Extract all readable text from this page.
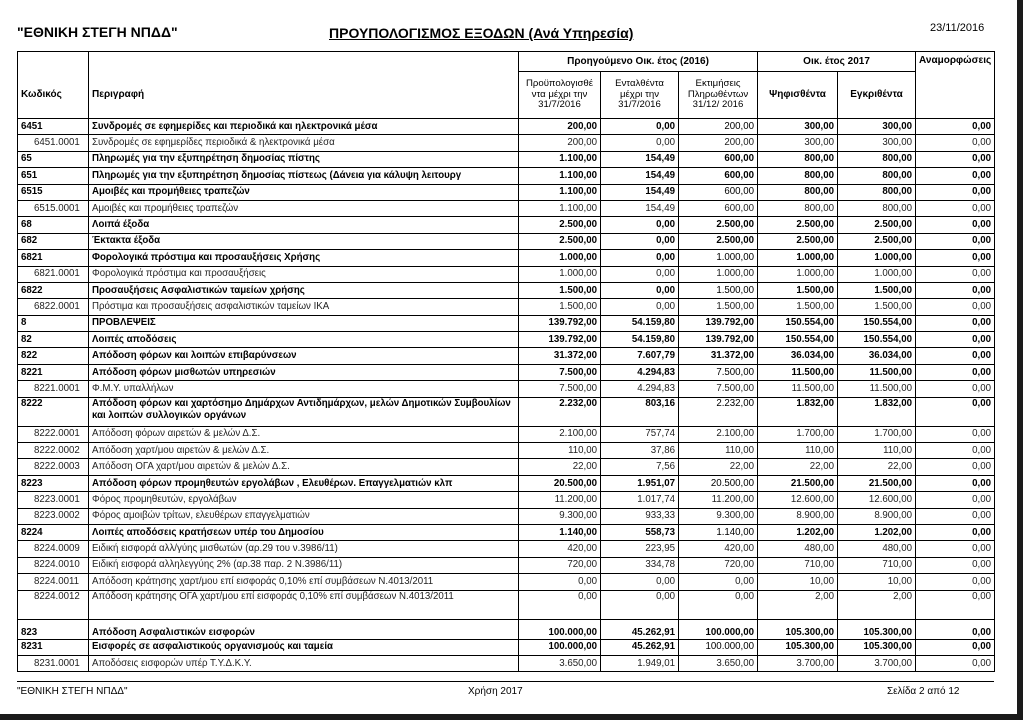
"ΕΘΝΙΚΗ ΣΤΕΓΗ ΝΠΔΔ"	ΠΡΟΥΠΟΛΟΓΙΣΜΟΣ ΕΞΟΔΩΝ (Ανά Υπηρεσία)	23/11/2016
Κωδικός	Περιγραφή	Προηγούμενο Οικ. έτος (2016)			Οικ. έτος 2017		Αναμορφώσεις
		Προϋπολογισθέ ντα μέχρι την 31/7/2016	Ενταλθέντα μέχρι την 31/7/2016	Εκτιμήσεις Πληρωθέντων 31/12/ 2016	Ψηφισθέντα	Εγκριθέντα	
6451	Συνδρομές σε εφημερίδες και περιοδικά και ηλεκτρονικά μέσα	200,00	0,00	200,00	300,00	300,00	0,00
6451.0001	Συνδρομές σε εφημερίδες περιοδικά & ηλεκτρονικά μέσα	200,00	0,00	200,00	300,00	300,00	0,00
65	Πληρωμές για την εξυπηρέτηση δημοσίας πίστης	1.100,00	154,49	600,00	800,00	800,00	0,00
651	Πληρωμές για την εξυπηρέτηση δημοσίας πίστεως (Δάνεια για κάλυψη λειτουργ	1.100,00	154,49	600,00	800,00	800,00	0,00
6515	Αμοιβές και προμήθειες τραπεζών	1.100,00	154,49	600,00	800,00	800,00	0,00
6515.0001	Αμοιβές και προμήθειες τραπεζών	1.100,00	154,49	600,00	800,00	800,00	0,00
68	Λοιπά έξοδα	2.500,00	0,00	2.500,00	2.500,00	2.500,00	0,00
682	Έκτακτα έξοδα	2.500,00	0,00	2.500,00	2.500,00	2.500,00	0,00
6821	Φορολογικά πρόστιμα και προσαυξήσεις Χρήσης	1.000,00	0,00	1.000,00	1.000,00	1.000,00	0,00
6821.0001	Φορολογικά πρόστιμα και προσαυξήσεις	1.000,00	0,00	1.000,00	1.000,00	1.000,00	0,00
6822	Προσαυξήσεις Ασφαλιστικών ταμείων χρήσης	1.500,00	0,00	1.500,00	1.500,00	1.500,00	0,00
6822.0001	Πρόστιμα και προσαυξήσεις ασφαλιστικών ταμείων ΙΚΑ	1.500,00	0,00	1.500,00	1.500,00	1.500,00	0,00
8	ΠΡΟΒΛΕΨΕΙΣ	139.792,00	54.159,80	139.792,00	150.554,00	150.554,00	0,00
82	Λοιπές αποδόσεις	139.792,00	54.159,80	139.792,00	150.554,00	150.554,00	0,00
822	Απόδοση φόρων και λοιπών επιβαρύνσεων	31.372,00	7.607,79	31.372,00	36.034,00	36.034,00	0,00
8221	Απόδοση φόρων μισθωτών υπηρεσιών	7.500,00	4.294,83	7.500,00	11.500,00	11.500,00	0,00
8221.0001	Φ.Μ.Υ. υπαλλήλων	7.500,00	4.294,83	7.500,00	11.500,00	11.500,00	0,00
8222	Απόδοση φόρων και χαρτόσημο Δημάρχων Αντιδημάρχων, μελών Δημοτικών Συμβουλίων και λοιπών συλλογικών οργάνων	2.232,00	803,16	2.232,00	1.832,00	1.832,00	0,00
8222.0001	Απόδοση φόρων αιρετών & μελών Δ.Σ.	2.100,00	757,74	2.100,00	1.700,00	1.700,00	0,00
8222.0002	Απόδοση χαρτ/μου αιρετών & μελών Δ.Σ.	110,00	37,86	110,00	110,00	110,00	0,00
8222.0003	Απόδοση ΟΓΑ χαρτ/μου αιρετών & μελών Δ.Σ.	22,00	7,56	22,00	22,00	22,00	0,00
8223	Απόδοση φόρων προμηθευτών εργολάβων , Ελευθέρων. Επαγγελματιών κλπ	20.500,00	1.951,07	20.500,00	21.500,00	21.500,00	0,00
8223.0001	Φόρος προμηθευτών, εργολάβων	11.200,00	1.017,74	11.200,00	12.600,00	12.600,00	0,00
8223.0002	Φόρος αμοιβών τρίτων, ελευθέρων επαγγελματιών	9.300,00	933,33	9.300,00	8.900,00	8.900,00	0,00
8224	Λοιπές αποδόσεις κρατήσεων υπέρ του Δημοσίου	1.140,00	558,73	1.140,00	1.202,00	1.202,00	0,00
8224.0009	Ειδική εισφορά αλλ/γύης μισθωτών (αρ.29 του ν.3986/11)	420,00	223,95	420,00	480,00	480,00	0,00
8224.0010	Ειδική εισφορά αλληλεγγύης 2% (αρ.38 παρ. 2 Ν.3986/11)	720,00	334,78	720,00	710,00	710,00	0,00
8224.0011	Απόδοση κράτησης χαρτ/μου επί εισφοράς 0,10% επί συμβάσεων Ν.4013/2011	0,00	0,00	0,00	10,00	10,00	0,00
8224.0012	Απόδοση κράτησης ΟΓΑ χαρτ/μου επί εισφοράς 0,10% επί συμβάσεων Ν.4013/2011	0,00	0,00	0,00	2,00	2,00	0,00
823	Απόδοση Ασφαλιστικών εισφορών	100.000,00	45.262,91	100.000,00	105.300,00	105.300,00	0,00
8231	Εισφορές σε ασφαλιστικούς οργανισμούς και ταμεία	100.000,00	45.262,91	100.000,00	105.300,00	105.300,00	0,00
8231.0001	Αποδόσεις εισφορών υπέρ Τ.Υ.Δ.Κ.Υ.	3.650,00	1.949,01	3.650,00	3.700,00	3.700,00	0,00
"ΕΘΝΙΚΗ ΣΤΕΓΗ ΝΠΔΔ"	Χρήση 2017	Σελίδα 2 από 12
